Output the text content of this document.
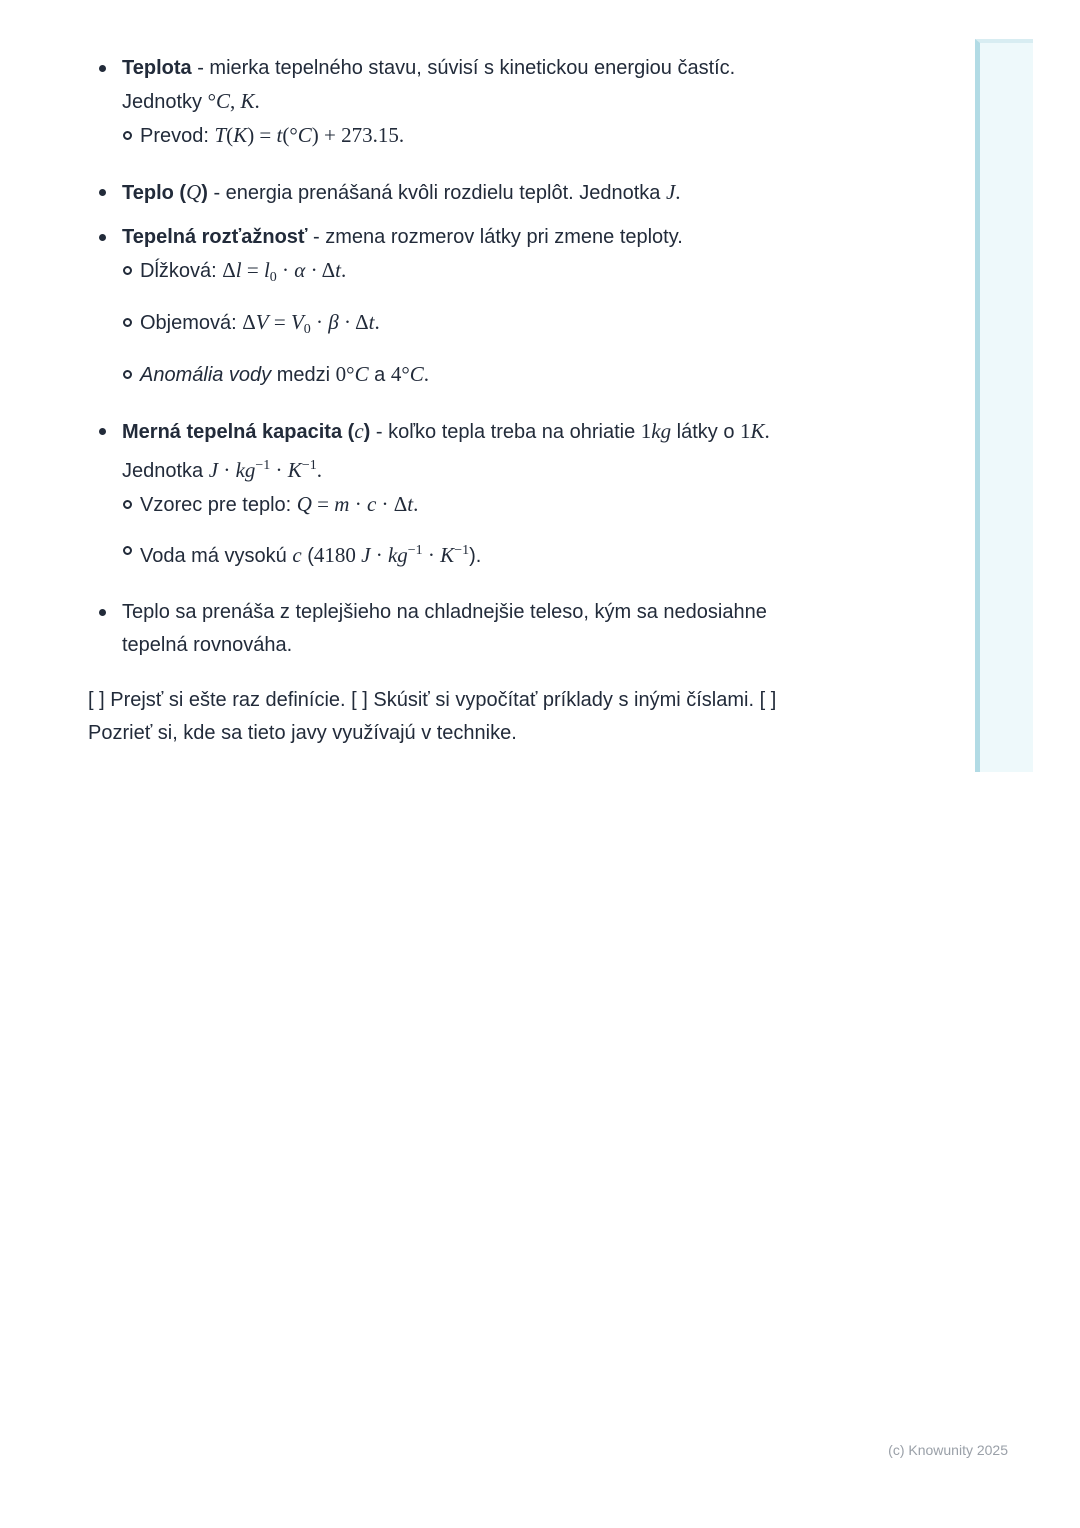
Teplota - mierka tepelného stavu, súvisí s kinetickou energiou častíc.
Jednotky °C, K.
Prevod: T(K) = t(°C) + 273.15.
Teplo (Q) - energia prenášaná kvôli rozdielu teplôt. Jednotka J.
Tepelná rozťažnosť - zmena rozmerov látky pri zmene teploty.
Dĺžková: $\Delta l = l_0 \cdot \alpha \cdot \Delta t$.
Objemová: $\Delta V = V_0 \cdot \beta \cdot \Delta t$.
Anomália vody medzi 0°C a 4°C.
Merná tepelná kapacita (c) - koľko tepla treba na ohriatie 1kg látky o 1K.
Jednotka $J \cdot kg^{-1} \cdot K^{-1}$.
Vzorec pre teplo: Q = m · c · Δt.
Voda má vysokú c (4180 $J \cdot kg^{-1} \cdot K^{-1}$).
Teplo sa prenáša z teplejšieho na chladnejšie teleso, kým sa nedosiahne
tepelná rovnováha.
[ ] Prejsť si ešte raz definície. [ ] Skúsiť si vypočítať príklady s inými číslami. [ ]
Pozrieť si, kde sa tieto javy využívajú v technike.
(c) Knowunity 2025
